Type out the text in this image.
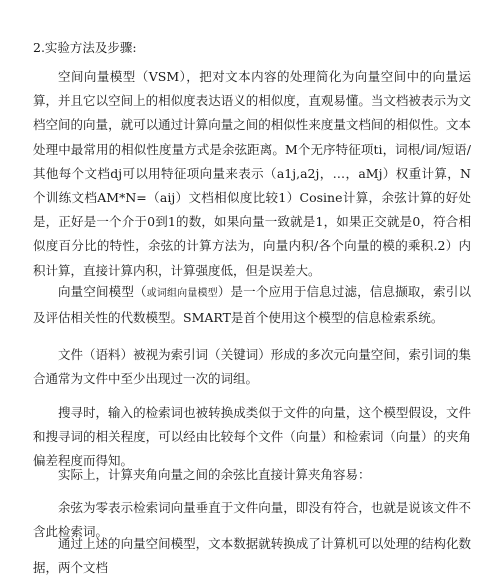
2.实验方法及步骤:

空间向量模型（VSM），把对文本内容的处理简化为向量空间中的向量运算，并且它以空间上的相似度表达语义的相似度，直观易懂。当文档被表示为文档空间的向量，就可以通过计算向量之间的相似性来度量文档间的相似性。文本处理中最常用的相似性度量方式是余弦距离。M个无序特征项ti，词根/词/短语/其他每个文档dj可以用特征项向量来表示（a1j,a2j，…，aMj）权重计算，N个训练文档AM*N=（aij）文档相似度比较1）Cosine计算，余弦计算的好处是，正好是一个介于0到1的数，如果向量一致就是1，如果正交就是0，符合相似度百分比的特性，余弦的计算方法为，向量内积/各个向量的模的乘积.2）内积计算，直接计算内积，计算强度低，但是误差大。

向量空间模型（或词组向量模型）是一个应用于信息过滤，信息撷取，索引以及评估相关性的代数模型。SMART是首个使用这个模型的信息检索系统。

文件（语料）被视为索引词（关键词）形成的多次元向量空间，索引词的集合通常为文件中至少出现过一次的词组。

搜寻时，输入的检索词也被转换成类似于文件的向量，这个模型假设，文件和搜寻词的相关程度，可以经由比较每个文件（向量）和检索词（向量）的夹角偏差程度而得知。

实际上，计算夹角向量之间的余弦比直接计算夹角容易：

余弦为零表示检索词向量垂直于文件向量，即没有符合，也就是说该文件不含此检索词。

通过上述的向量空间模型，文本数据就转换成了计算机可以处理的结构化数据，两个文档
